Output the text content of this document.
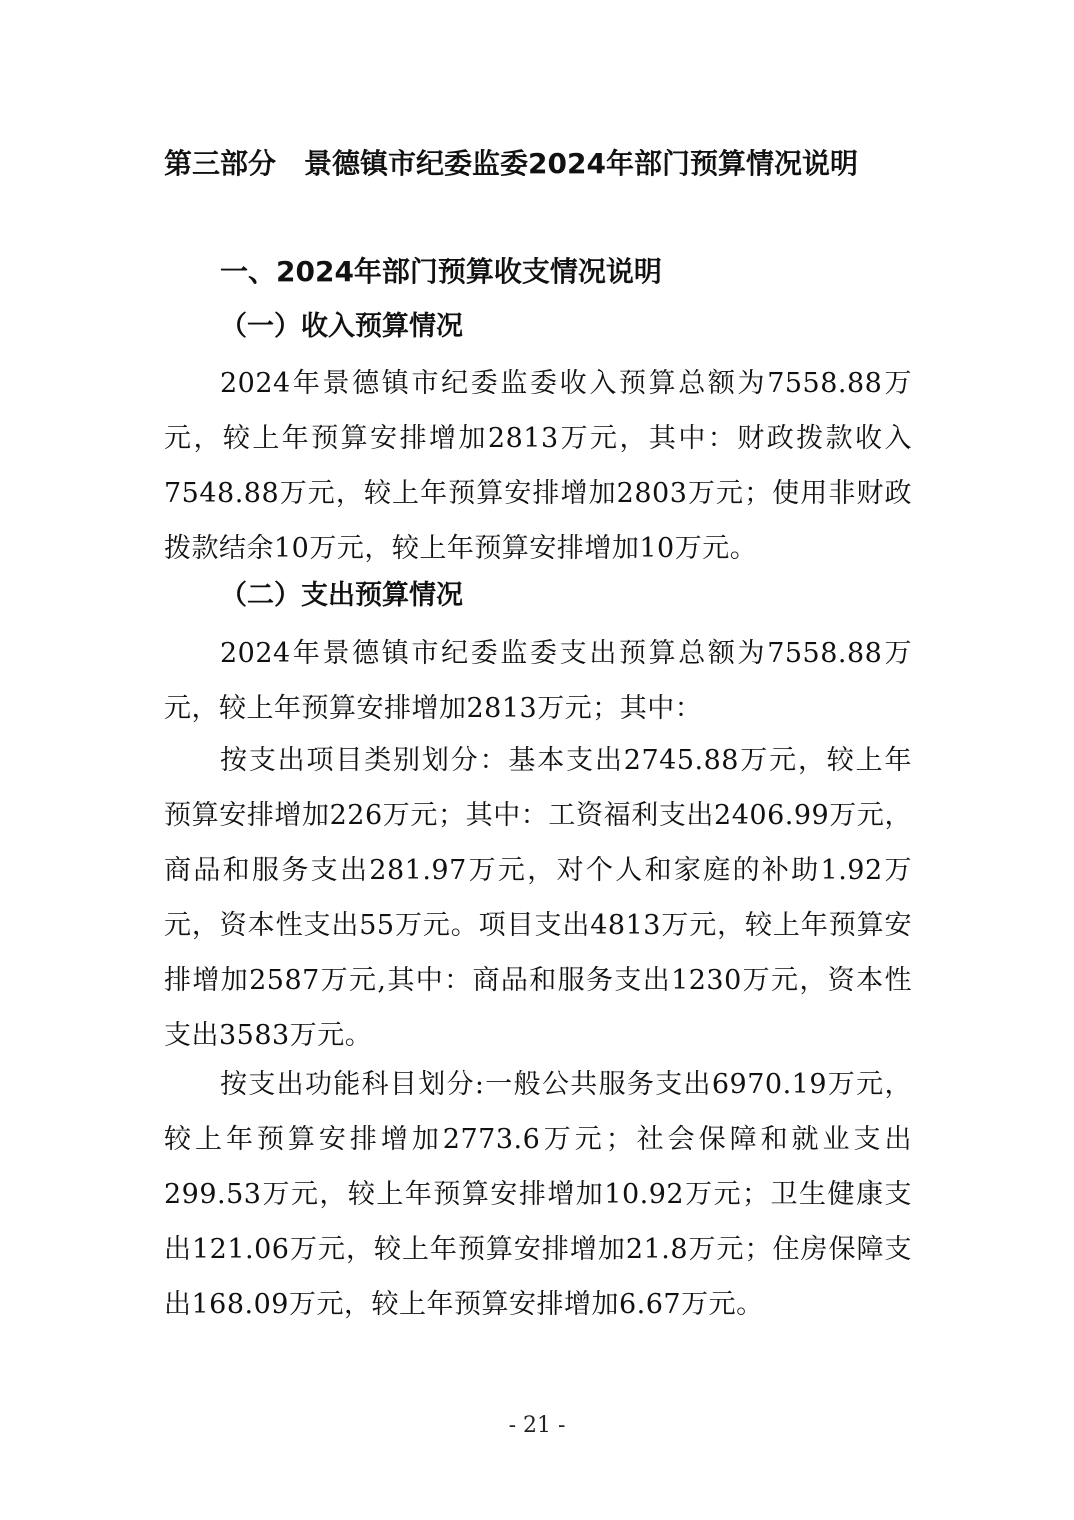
第三部分 景德镇市纪委监委2024年部门预算情况说明
一、2024年部门预算收支情况说明
（一）收入预算情况
2024年景德镇市纪委监委收入预算总额为7558.88万元，较上年预算安排增加2813万元，其中：财政拨款收入7548.88万元，较上年预算安排增加2803万元；使用非财政拨款结余10万元，较上年预算安排增加10万元。
（二）支出预算情况
2024年景德镇市纪委监委支出预算总额为7558.88万元，较上年预算安排增加2813万元；其中：
按支出项目类别划分：基本支出2745.88万元，较上年预算安排增加226万元；其中：工资福利支出2406.99万元，商品和服务支出281.97万元，对个人和家庭的补助1.92万元，资本性支出55万元。项目支出4813万元，较上年预算安排增加2587万元,其中：商品和服务支出1230万元，资本性支出3583万元。
按支出功能科目划分:一般公共服务支出6970.19万元，较上年预算安排增加2773.6万元；社会保障和就业支出299.53万元，较上年预算安排增加10.92万元；卫生健康支出121.06万元，较上年预算安排增加21.8万元；住房保障支出168.09万元，较上年预算安排增加6.67万元。
- 21 -
